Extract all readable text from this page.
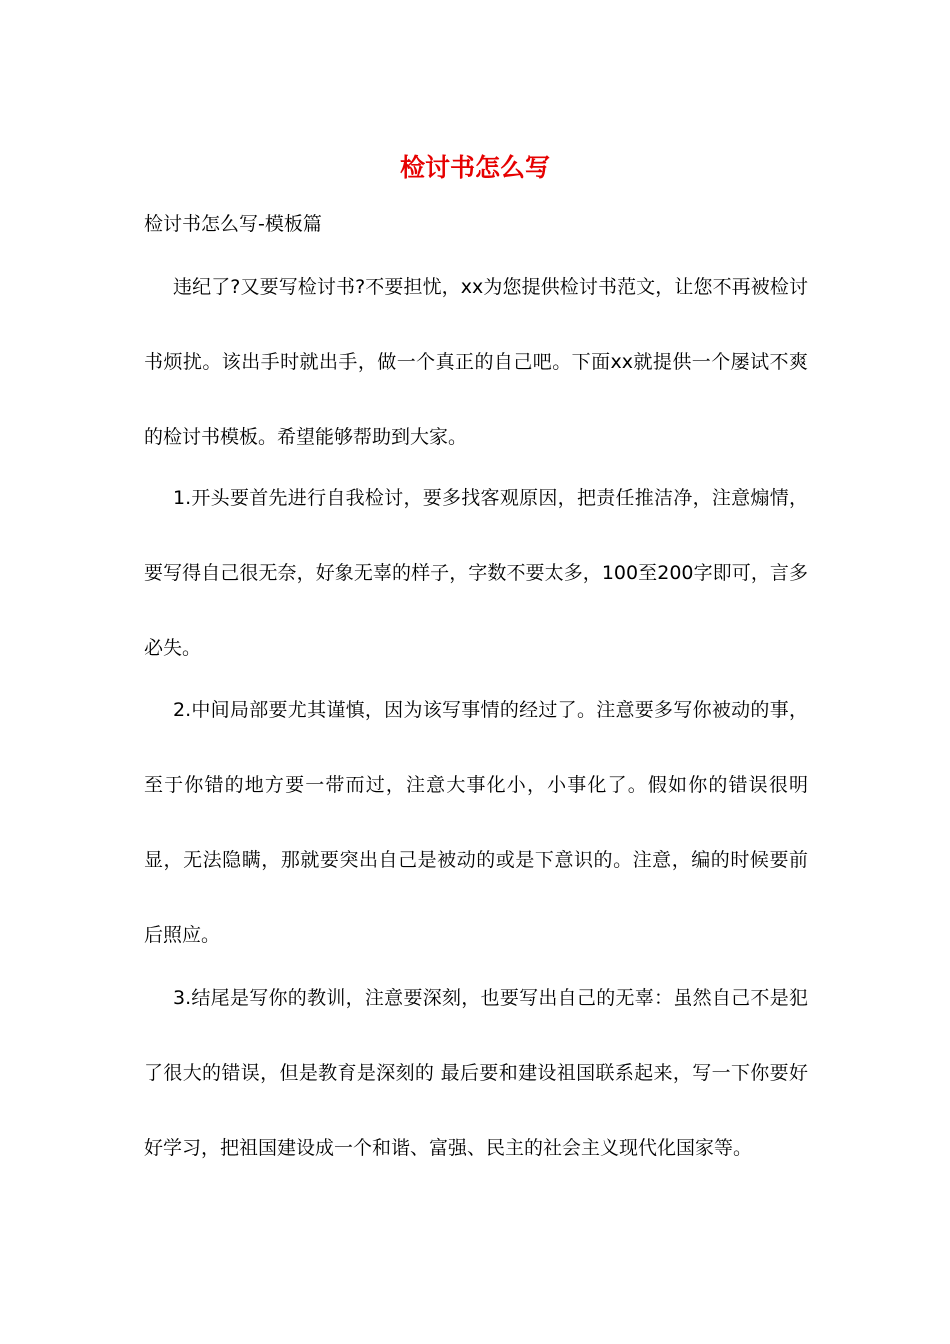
检讨书怎么写
检讨书怎么写-模板篇

违纪了?又要写检讨书?不要担忧，xx为您提供检讨书范文，让您不再被检讨书烦扰。该出手时就出手，做一个真正的自己吧。下面xx就提供一个屡试不爽的检讨书模板。希望能够帮助到大家。

1.开头要首先进行自我检讨，要多找客观原因，把责任推洁净，注意煽情，要写得自己很无奈，好象无辜的样子，字数不要太多，100至200字即可，言多必失。

2.中间局部要尤其谨慎，因为该写事情的经过了。注意要多写你被动的事，至于你错的地方要一带而过，注意大事化小，小事化了。假如你的错误很明显，无法隐瞒，那就要突出自己是被动的或是下意识的。注意，编的时候要前后照应。

3.结尾是写你的教训，注意要深刻，也要写出自己的无辜：虽然自己不是犯了很大的错误，但是教育是深刻的 最后要和建设祖国联系起来，写一下你要好好学习，把祖国建设成一个和谐、富强、民主的社会主义现代化国家等。
